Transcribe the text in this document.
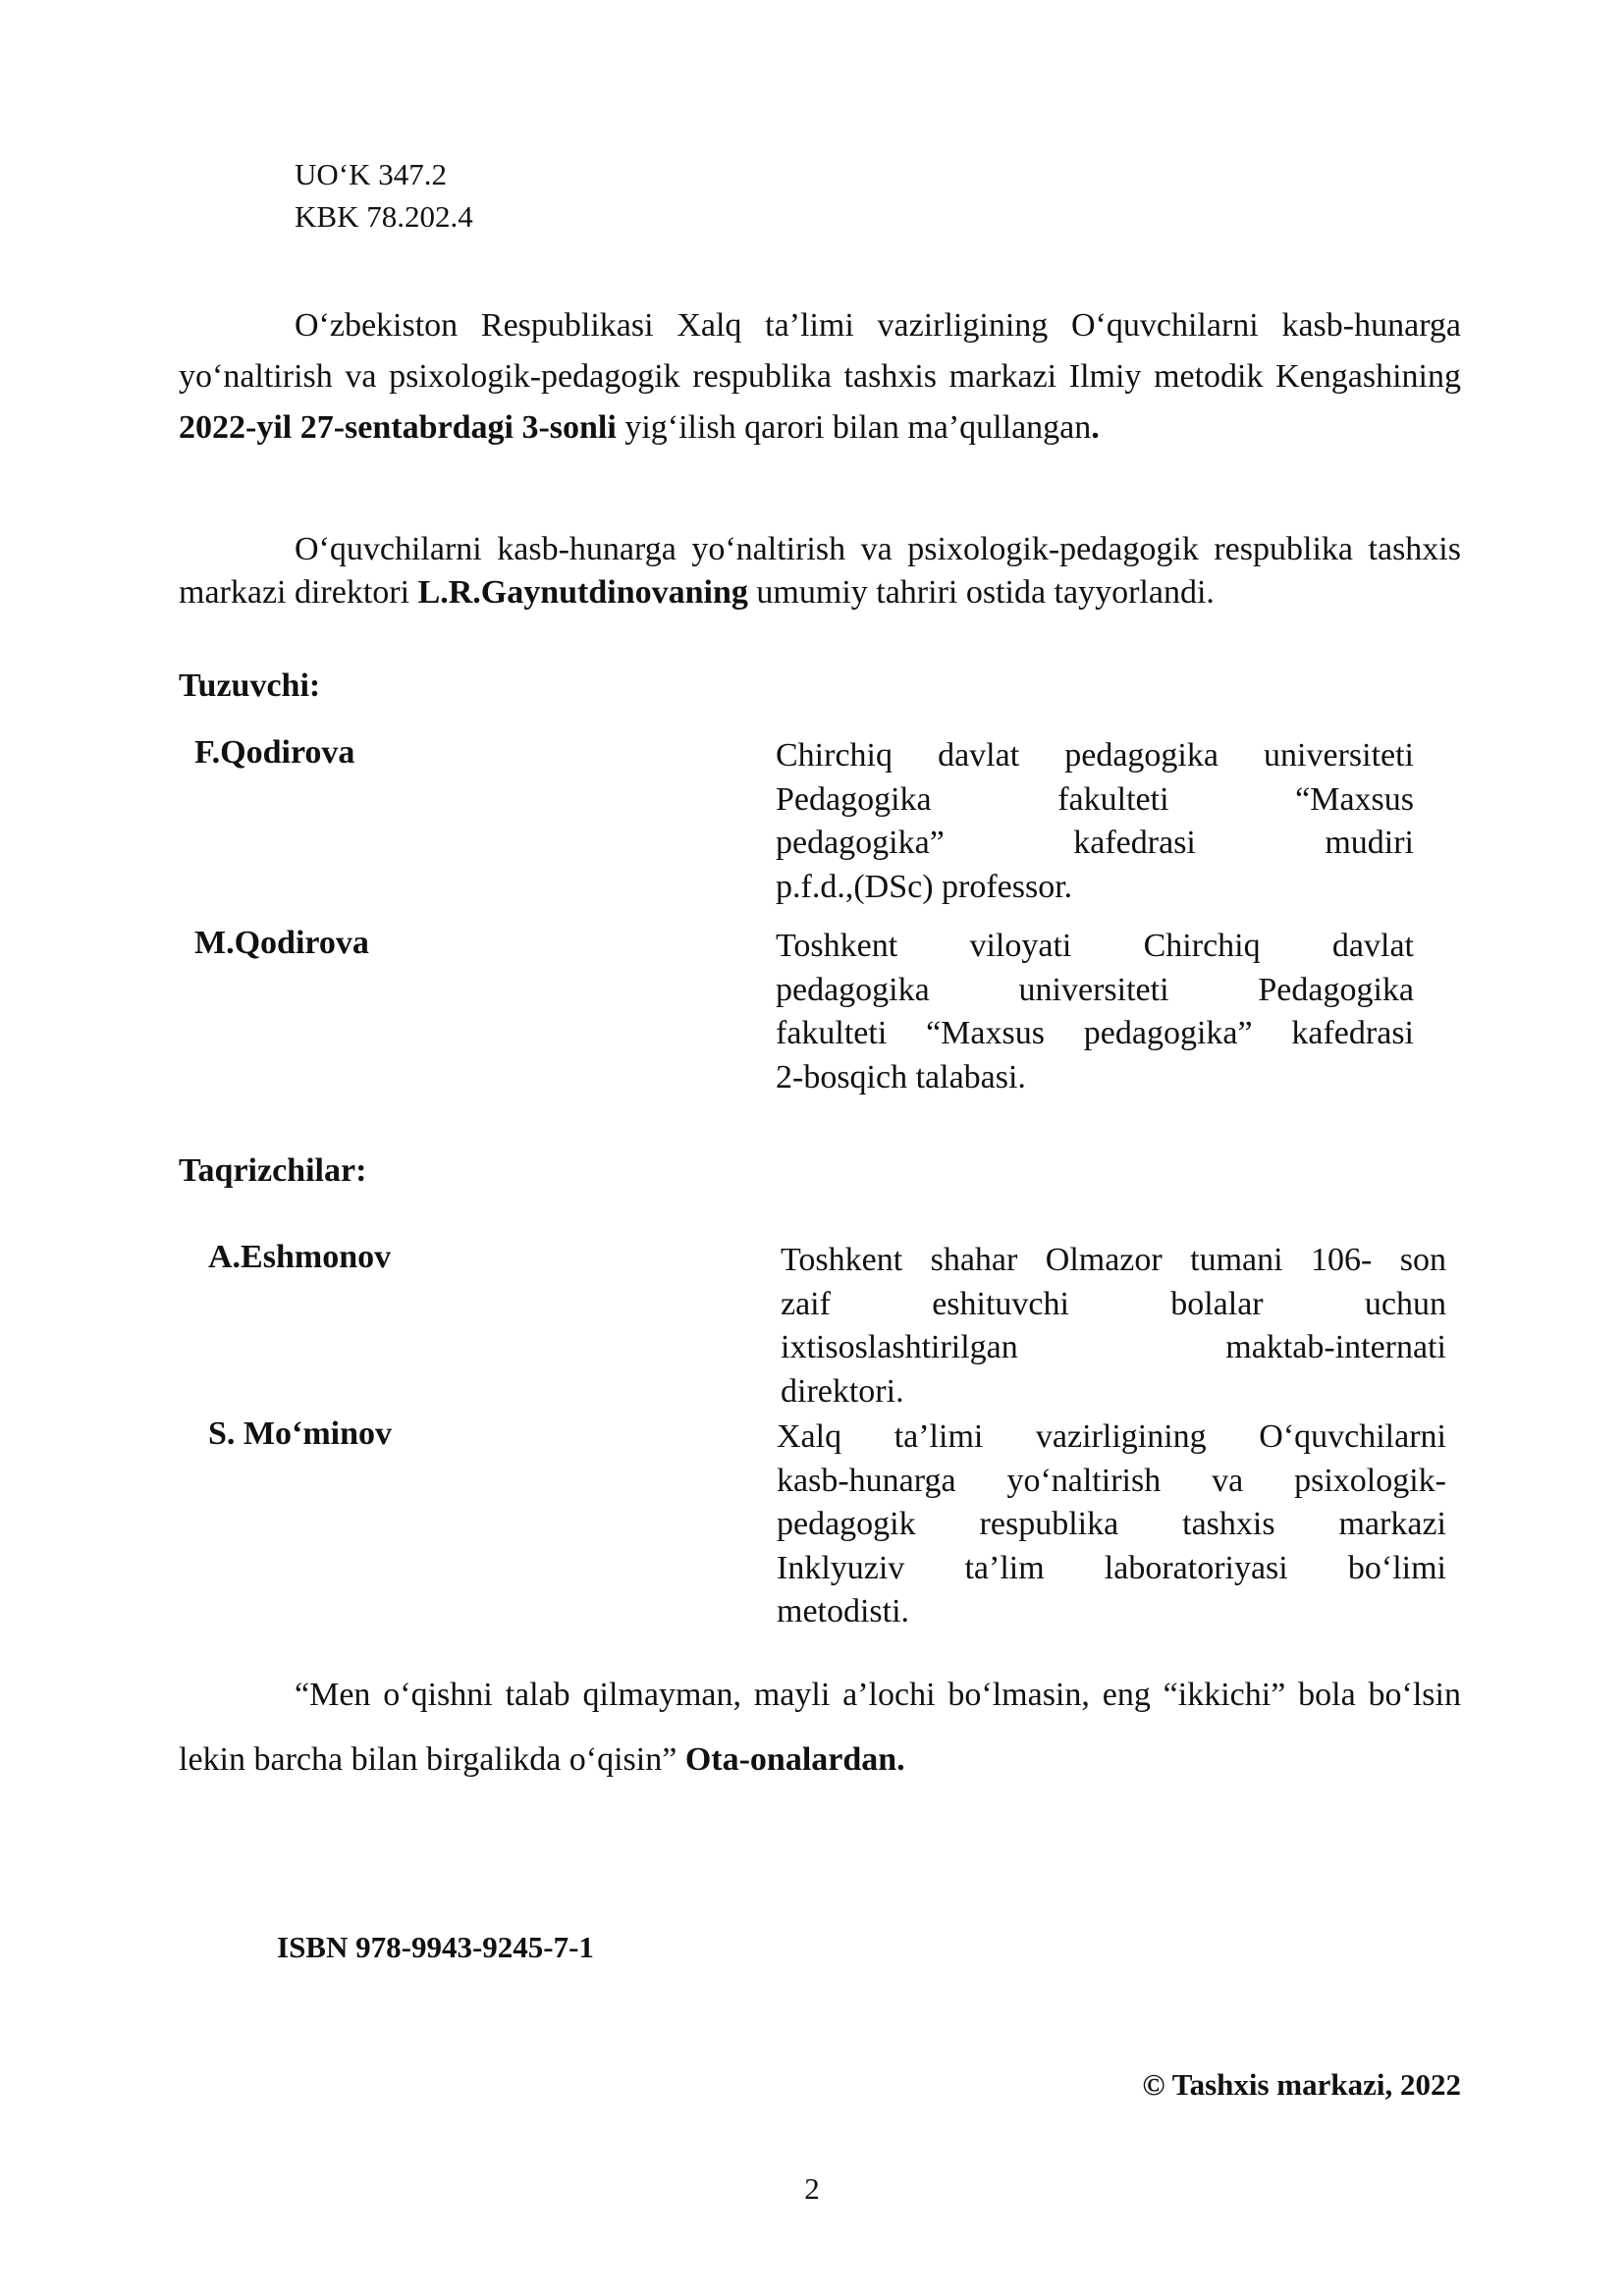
UO‘K 347.2
KBK 78.202.4
O‘zbekiston Respublikasi Xalq ta’limi vazirligining O‘quvchilarni kasb-hunarga yo‘naltirish va psixologik-pedagogik respublika tashxis markazi Ilmiy metodik Kengashining 2022-yil 27-sentabrdagi 3-sonli yig‘ilish qarori bilan ma’qullangan.
O‘quvchilarni kasb-hunarga yo‘naltirish va psixologik-pedagogik respublika tashxis markazi direktori L.R.Gaynutdinovaning umumiy tahriri ostida tayyorlandi.
Tuzuvchi:
F.Qodirova	Chirchiq davlat pedagogika universiteti
Pedagogika fakulteti “Maxsus
pedagogika” kafedrasi mudiri

p.f.d.,(DSc) professor.
M.Qodirova	Toshkent viloyati Chirchiq davlat
pedagogika universiteti Pedagogika
fakulteti “Maxsus pedagogika” kafedrasi

2-bosqich talabasi.
Taqrizchilar:
A.Eshmonov	Toshkent shahar Olmazor tumani 106- son
zaif eshituvchi bolalar uchun
ixtisoslashtirilgan maktab-internati

direktori.
S. Mo‘minov	Xalq ta’limi vazirligining O‘quvchilarni
kasb-hunarga yo‘naltirish va psixologik-
pedagogik respublika tashxis markazi
Inklyuziv ta’lim laboratoriyasi bo‘limi

metodisti.
“Men o‘qishni talab qilmayman, mayli a’lochi bo‘lmasin, eng “ikkichi” bola bo‘lsin lekin barcha bilan birgalikda o‘qisin” Ota-onalardan.
ISBN 978-9943-9245-7-1
© Tashxis markazi, 2022
2
